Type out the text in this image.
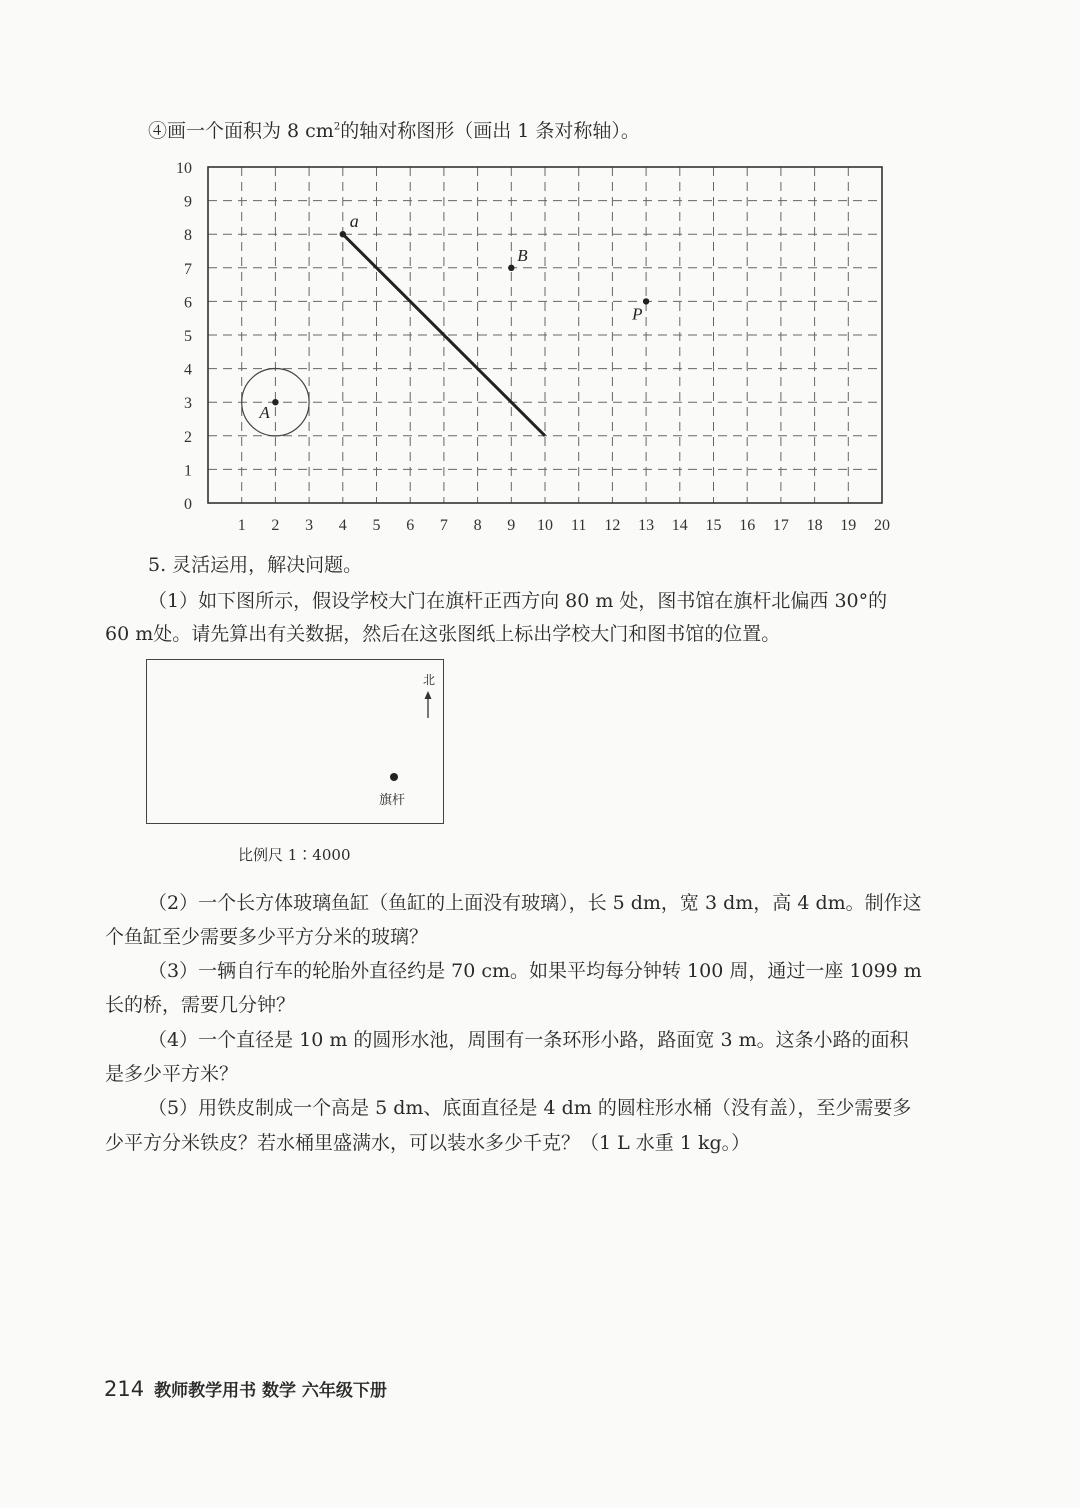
④画一个面积为 8 $cm^2$的轴对称图形（画出 1 条对称轴）。
1 2 3 4 5 6 7 8 9 10 11 12 13 14 15 16 17 18 19 20
0
1
2
3
4
5
6
7
8
9
10
a
B
P
A
5. 灵活运用，解决问题。
（1）如下图所示，假设学校大门在旗杆正西方向 80 m 处，图书馆在旗杆北偏西 30°的
60 m处。请先算出有关数据，然后在这张图纸上标出学校大门和图书馆的位置。
北
旗杆
比例尺 1∶4000
（2）一个长方体玻璃鱼缸（鱼缸的上面没有玻璃），长 5 dm，宽 3 dm，高 4 dm。制作这
个鱼缸至少需要多少平方分米的玻璃？
（3）一辆自行车的轮胎外直径约是 70 cm。如果平均每分钟转 100 周，通过一座 1099 m
长的桥，需要几分钟？
（4）一个直径是 10 m 的圆形水池，周围有一条环形小路，路面宽 3 m。这条小路的面积
是多少平方米？
（5）用铁皮制成一个高是 5 dm、底面直径是 4 dm 的圆柱形水桶（没有盖），至少需要多
少平方分米铁皮？若水桶里盛满水，可以装水多少千克？（1 L 水重 1 kg。）
214 教师教学用书 数学 六年级下册
